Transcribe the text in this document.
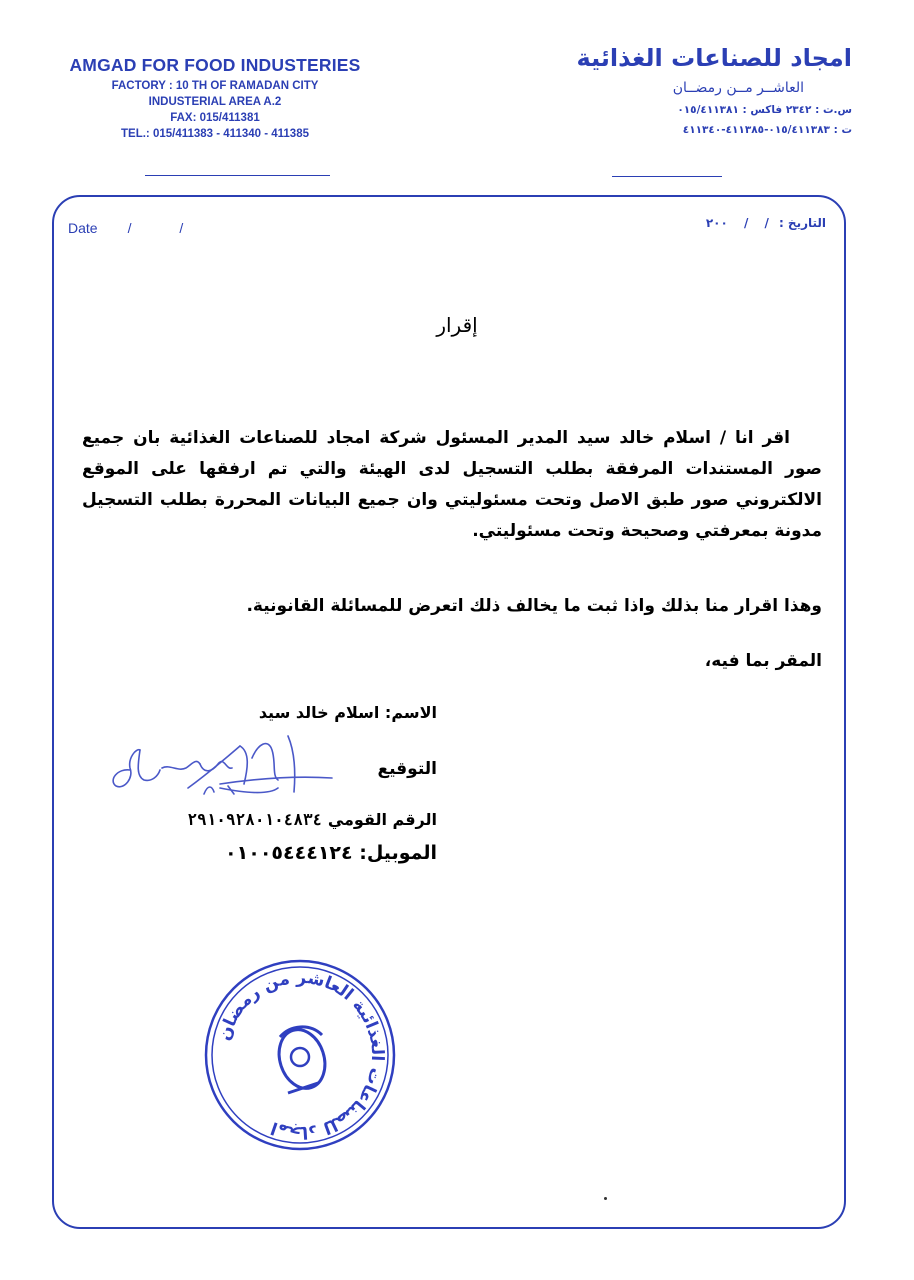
AMGAD FOR FOOD INDUSTERIES
FACTORY : 10 TH OF RAMADAN CITY
INDUSTERIAL AREA A.2
FAX: 015/411381
TEL.: 015/411383 - 411340 - 411385
امجاد للصناعات الغذائية
العاشــر مــن رمضــان
س.ت : ٢٣٤٢ فاكس : ٠١٥/٤١١٣٨١
ت : ٠١٥/٤١١٣٨٣-٤١١٣٨٥-٤١١٣٤٠
Date / /	التاريخ :/ / ٢٠٠
إقرار
اقر انا / اسلام خالد سيد المدير المسئول شركة امجاد للصناعات الغذائية بان جميع صور المستندات المرفقة بطلب التسجيل لدى الهيئة والتي تم ارفقها على الموقع الالكتروني صور طبق الاصل وتحت مسئوليتي وان جميع البيانات المحررة بطلب التسجيل مدونة بمعرفتي وصحيحة وتحت مسئوليتي.
وهذا اقرار منا بذلك واذا ثبت ما يخالف ذلك اتعرض للمسائلة القانونية.
المقر بما فيه،
الاسم: اسلام خالد سيد
التوقيع
الرقم القومي ٢٩١٠٩٢٨٠١٠٤٨٣٤
الموبيل: ٠١٠٠٥٤٤٤١٢٤
امجاد للصناعات الغذائية العاشر من رمضان
